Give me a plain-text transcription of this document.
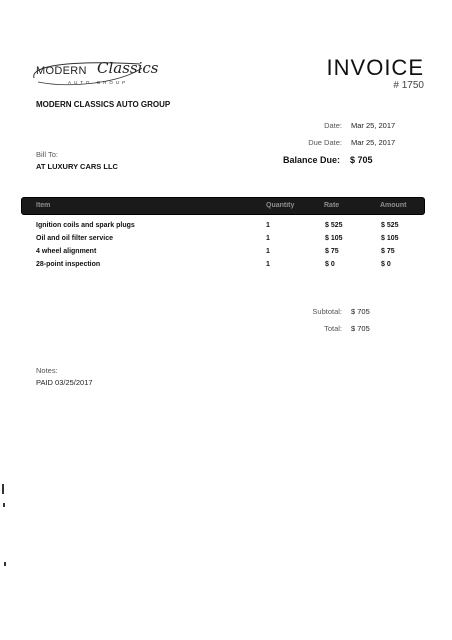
MODERN Classics
AUTO GROUP
INVOICE
# 1750
MODERN CLASSICS AUTO GROUP
Date: Mar 25, 2017
Due Date: Mar 25, 2017
Bill To:
AT LUXURY CARS LLC
Balance Due: $ 705
Item	Quantity	Rate	Amount
Ignition coils and spark plugs	1	$ 525	$ 525
Oil and oil filter service	1	$ 105	$ 105
4 wheel alignment	1	$ 75	$ 75
28-point inspection	1	$ 0	$ 0
Subtotal: $ 705
Total: $ 705
Notes:
PAID 03/25/2017
